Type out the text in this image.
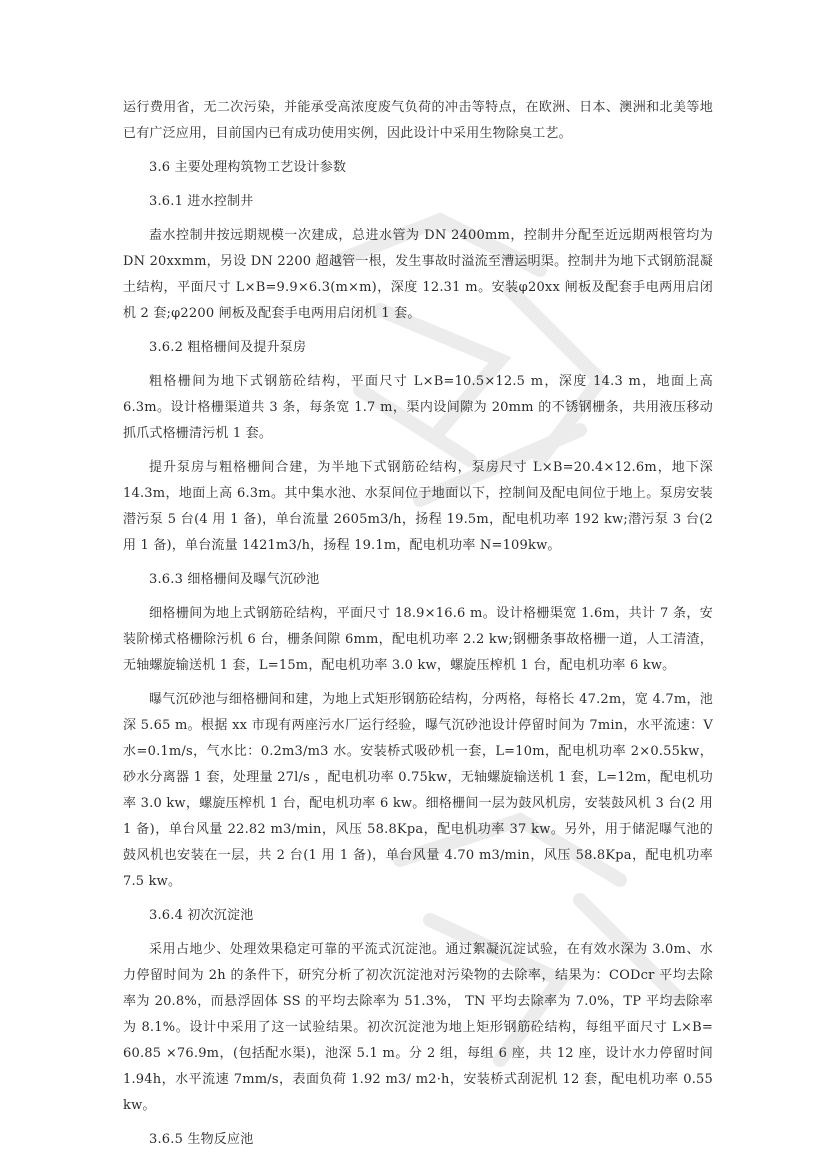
运行费用省，无二次污染，并能承受高浓度废气负荷的冲击等特点，在欧洲、日本、澳洲和北美等地已有广泛应用，目前国内已有成功使用实例，因此设计中采用生物除臭工艺。

3.6 主要处理构筑物工艺设计参数
3.6.1 进水控制井

盍水控制井按远期规模一次建成，总进水管为 DN 2400mm，控制井分配至近远期两根管均为 DN 20xxmm，另设 DN 2200 超越管一根，发生事故时溢流至漕运明渠。控制井为地下式钢筋混凝土结构，平面尺寸 L×B=9.9×6.3(m×m)，深度 12.31 m。安装φ20xx 闸板及配套手电两用启闭机 2 套;φ2200 闸板及配套手电两用启闭机 1 套。

3.6.2 粗格栅间及提升泵房

粗格栅间为地下式钢筋砼结构，平面尺寸 L×B=10.5×12.5 m，深度 14.3 m，地面上高 6.3m。设计格栅渠道共 3 条，每条宽 1.7 m，渠内设间隙为 20mm 的不锈钢栅条，共用液压移动抓爪式格栅清污机 1 套。

提升泵房与粗格栅间合建，为半地下式钢筋砼结构，泵房尺寸 L×B=20.4×12.6m，地下深 14.3m，地面上高 6.3m。其中集水池、水泵间位于地面以下，控制间及配电间位于地上。泵房安装潜污泵 5 台(4 用 1 备)，单台流量 2605m3/h，扬程 19.5m，配电机功率 192 kw;潜污泵 3 台(2 用 1 备)，单台流量 1421m3/h，扬程 19.1m，配电机功率 N=109kw。

3.6.3 细格栅间及曝气沉砂池

细格栅间为地上式钢筋砼结构，平面尺寸 18.9×16.6 m。设计格栅渠宽 1.6m，共计 7 条，安装阶梯式格栅除污机 6 台，栅条间隙 6mm，配电机功率 2.2 kw;钢栅条事故格栅一道，人工清渣，无轴螺旋输送机 1 套，L=15m，配电机功率 3.0 kw，螺旋压榨机 1 台，配电机功率 6 kw。

曝气沉砂池与细格栅间和建，为地上式矩形钢筋砼结构，分两格，每格长 47.2m，宽 4.7m，池深 5.65 m。根据 xx 市现有两座污水厂运行经验，曝气沉砂池设计停留时间为 7min，水平流速：V 水=0.1m/s，气水比：0.2m3/m3 水。安装桥式吸砂机一套，L=10m，配电机功率 2×0.55kw，砂水分离器 1 套，处理量 27l/s ，配电机功率 0.75kw，无轴螺旋输送机 1 套，L=12m，配电机功率 3.0 kw，螺旋压榨机 1 台，配电机功率 6 kw。细格栅间一层为鼓风机房，安装鼓风机 3 台(2 用 1 备)，单台风量 22.82 m3/min，风压 58.8Kpa，配电机功率 37 kw。另外，用于储泥曝气池的鼓风机也安装在一层，共 2 台(1 用 1 备)，单台风量 4.70 m3/min，风压 58.8Kpa，配电机功率 7.5 kw。

3.6.4 初次沉淀池

采用占地少、处理效果稳定可靠的平流式沉淀池。通过絮凝沉淀试验，在有效水深为 3.0m、水力停留时间为 2h 的条件下，研究分析了初次沉淀池对污染物的去除率，结果为：CODcr 平均去除率为 20.8%，而悬浮固体 SS 的平均去除率为 51.3%， TN 平均去除率为 7.0%，TP 平均去除率为 8.1%。设计中采用了这一试验结果。初次沉淀池为地上矩形钢筋砼结构，每组平面尺寸 L×B= 60.85 ×76.9m，(包括配水渠)，池深 5.1 m。分 2 组，每组 6 座，共 12 座，设计水力停留时间 1.94h，水平流速 7mm/s，表面负荷 1.92 m3/ m2·h，安装桥式刮泥机 12 套，配电机功率 0.55 kw。

3.6.5 生物反应池
